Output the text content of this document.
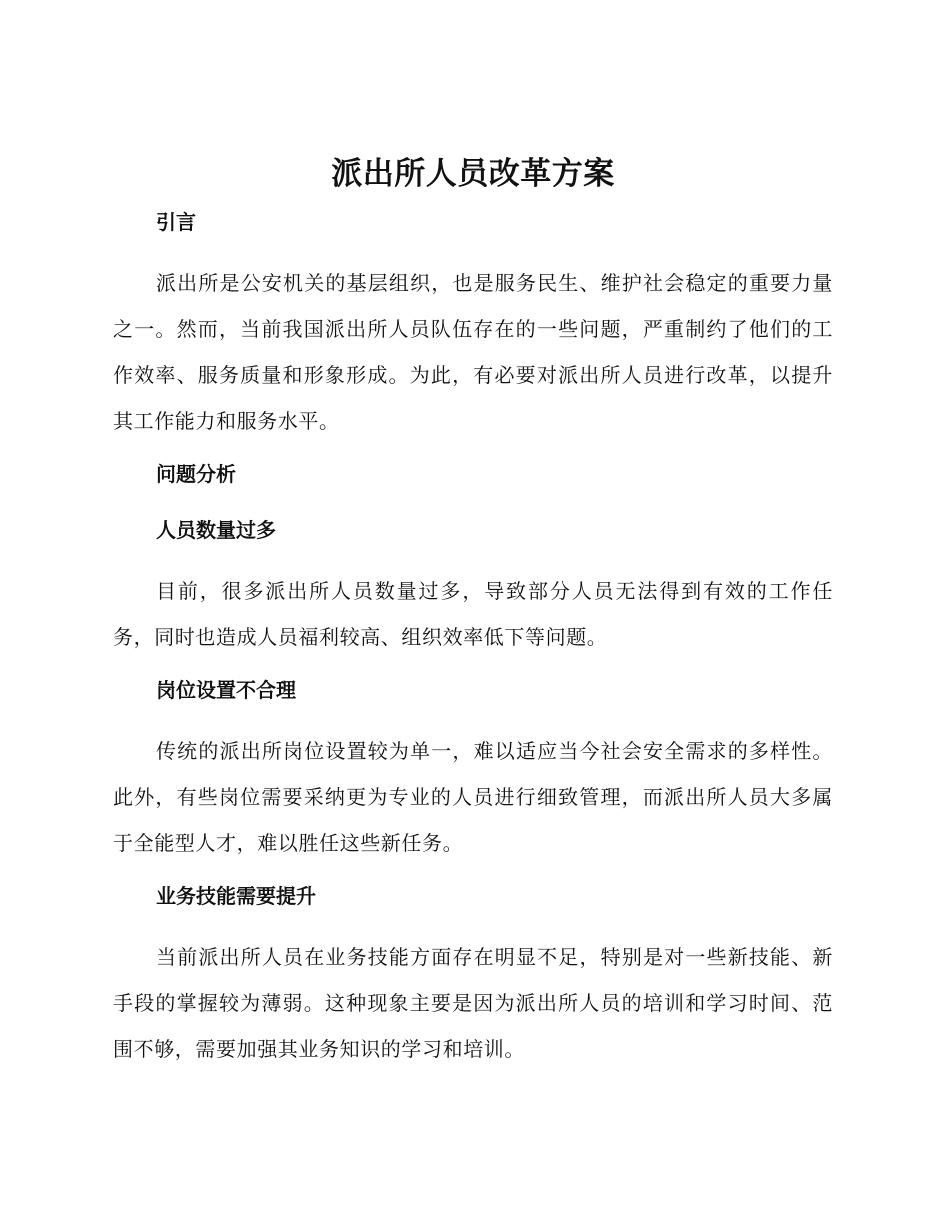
派出所人员改革方案
引言

派出所是公安机关的基层组织，也是服务民生、维护社会稳定的重要力量之一。然而，当前我国派出所人员队伍存在的一些问题，严重制约了他们的工作效率、服务质量和形象形成。为此，有必要对派出所人员进行改革，以提升其工作能力和服务水平。

问题分析
人员数量过多

目前，很多派出所人员数量过多，导致部分人员无法得到有效的工作任务，同时也造成人员福利较高、组织效率低下等问题。

岗位设置不合理

传统的派出所岗位设置较为单一，难以适应当今社会安全需求的多样性。此外，有些岗位需要采纳更为专业的人员进行细致管理，而派出所人员大多属于全能型人才，难以胜任这些新任务。

业务技能需要提升

当前派出所人员在业务技能方面存在明显不足，特别是对一些新技能、新手段的掌握较为薄弱。这种现象主要是因为派出所人员的培训和学习时间、范围不够，需要加强其业务知识的学习和培训。
